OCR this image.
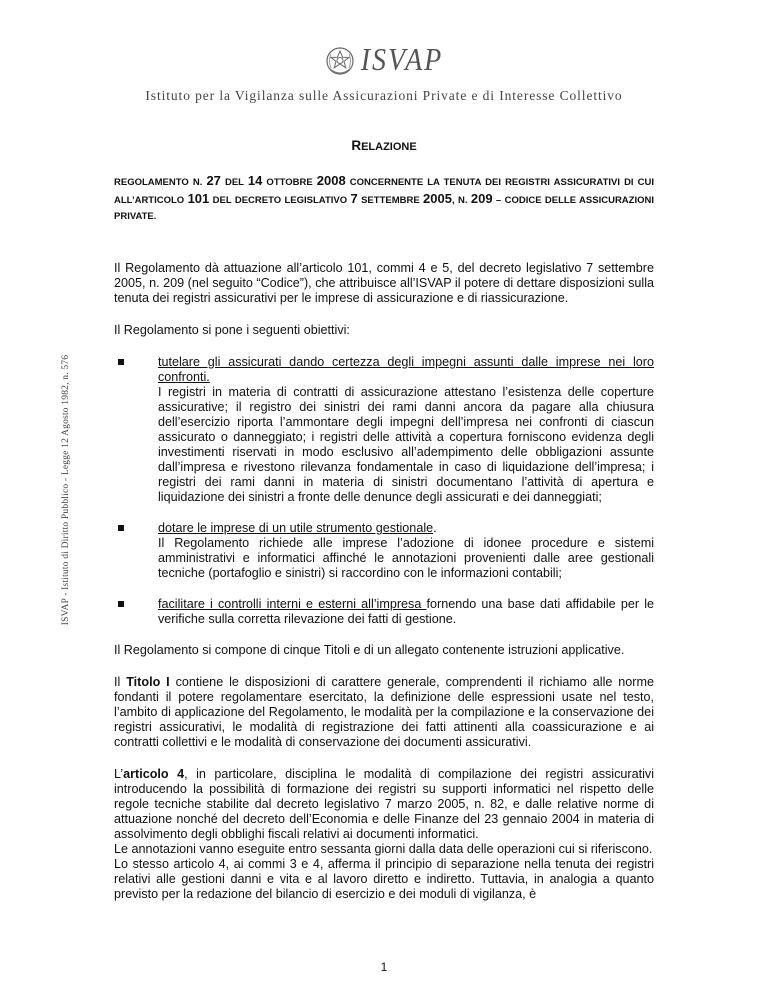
ISVAP
Istituto per la Vigilanza sulle Assicurazioni Private e di Interesse Collettivo
ISVAP - Istituto di Diritto Pubblico - Legge 12 Agosto 1982, n. 576
RELAZIONE
REGOLAMENTO N. 27 DEL 14 OTTOBRE 2008 CONCERNENTE LA TENUTA DEI REGISTRI ASSICURATIVI DI CUI ALL’ARTICOLO 101 DEL DECRETO LEGISLATIVO 7 SETTEMBRE 2005, N. 209 – CODICE DELLE ASSICURAZIONI PRIVATE.

Il Regolamento dà attuazione all’articolo 101, commi 4 e 5, del decreto legislativo 7 settembre 2005, n. 209 (nel seguito “Codice”), che attribuisce all’ISVAP il potere di dettare disposizioni sulla tenuta dei registri assicurativi per le imprese di assicurazione e di riassicurazione.

Il Regolamento si pone i seguenti obiettivi:

tutelare gli assicurati dando certezza degli impegni assunti dalle imprese nei loro confronti.
I registri in materia di contratti di assicurazione attestano l’esistenza delle coperture assicurative; il registro dei sinistri dei rami danni ancora da pagare alla chiusura dell’esercizio riporta l’ammontare degli impegni dell’impresa nei confronti di ciascun assicurato o danneggiato; i registri delle attività a copertura forniscono evidenza degli investimenti riservati in modo esclusivo all’adempimento delle obbligazioni assunte dall’impresa e rivestono rilevanza fondamentale in caso di liquidazione dell’impresa; i registri dei rami danni in materia di sinistri documentano l’attività di apertura e liquidazione dei sinistri a fronte delle denunce degli assicurati e dei danneggiati;
dotare le imprese di un utile strumento gestionale.
Il Regolamento richiede alle imprese l’adozione di idonee procedure e sistemi amministrativi e informatici affinché le annotazioni provenienti dalle aree gestionali tecniche (portafoglio e sinistri) si raccordino con le informazioni contabili;
facilitare i controlli interni e esterni all’impresa fornendo una base dati affidabile per le verifiche sulla corretta rilevazione dei fatti di gestione.

Il Regolamento si compone di cinque Titoli e di un allegato contenente istruzioni applicative.

Il Titolo I contiene le disposizioni di carattere generale, comprendenti il richiamo alle norme fondanti il potere regolamentare esercitato, la definizione delle espressioni usate nel testo, l’ambito di applicazione del Regolamento, le modalità per la compilazione e la conservazione dei registri assicurativi, le modalità di registrazione dei fatti attinenti alla coassicurazione e ai contratti collettivi e le modalità di conservazione dei documenti assicurativi.

L’articolo 4, in particolare, disciplina le modalità di compilazione dei registri assicurativi introducendo la possibilità di formazione dei registri su supporti informatici nel rispetto delle regole tecniche stabilite dal decreto legislativo 7 marzo 2005, n. 82, e dalle relative norme di attuazione nonché del decreto dell’Economia e delle Finanze del 23 gennaio 2004 in materia di assolvimento degli obblighi fiscali relativi ai documenti informatici.
Le annotazioni vanno eseguite entro sessanta giorni dalla data delle operazioni cui si riferiscono.
Lo stesso articolo 4, ai commi 3 e 4, afferma il principio di separazione nella tenuta dei registri relativi alle gestioni danni e vita e al lavoro diretto e indiretto. Tuttavia, in analogia a quanto previsto per la redazione del bilancio di esercizio e dei moduli di vigilanza, è
1
